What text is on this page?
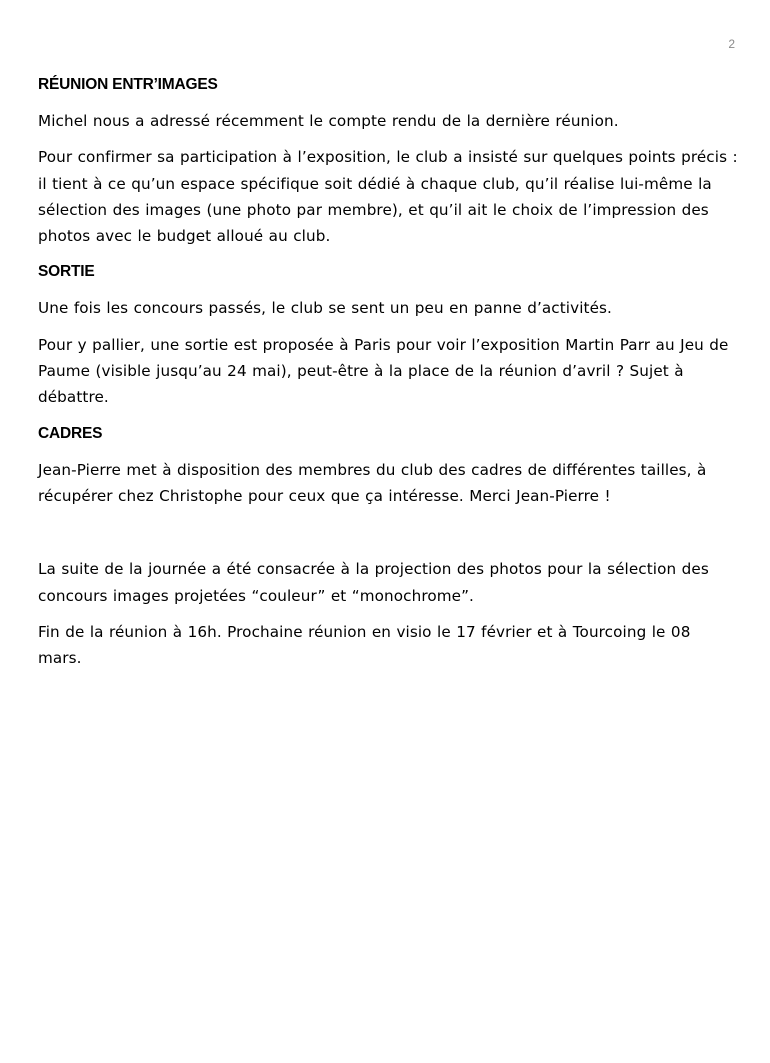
2

RÉUNION ENTR’IMAGES

Michel nous a adressé récemment le compte rendu de la dernière réunion.

Pour confirmer sa participation à l’exposition, le club a insisté sur quelques points précis : il tient à ce qu’un espace spécifique soit dédié à chaque club, qu’il réalise lui-même la sélection des images (une photo par membre), et qu’il ait le choix de l’impression des photos avec le budget alloué au club.

SORTIE

Une fois les concours passés, le club se sent un peu en panne d’activités.

Pour y pallier, une sortie est proposée à Paris pour voir l’exposition Martin Parr au Jeu de Paume (visible jusqu’au 24 mai), peut-être à la place de la réunion d’avril ? Sujet à débattre.

CADRES

Jean-Pierre met à disposition des membres du club des cadres de différentes tailles, à récupérer chez Christophe pour ceux que ça intéresse. Merci Jean-Pierre !

La suite de la journée a été consacrée à la projection des photos pour la sélection des concours images projetées “couleur” et “monochrome”.

Fin de la réunion à 16h. Prochaine réunion en visio le 17 février et à Tourcoing le 08 mars.
